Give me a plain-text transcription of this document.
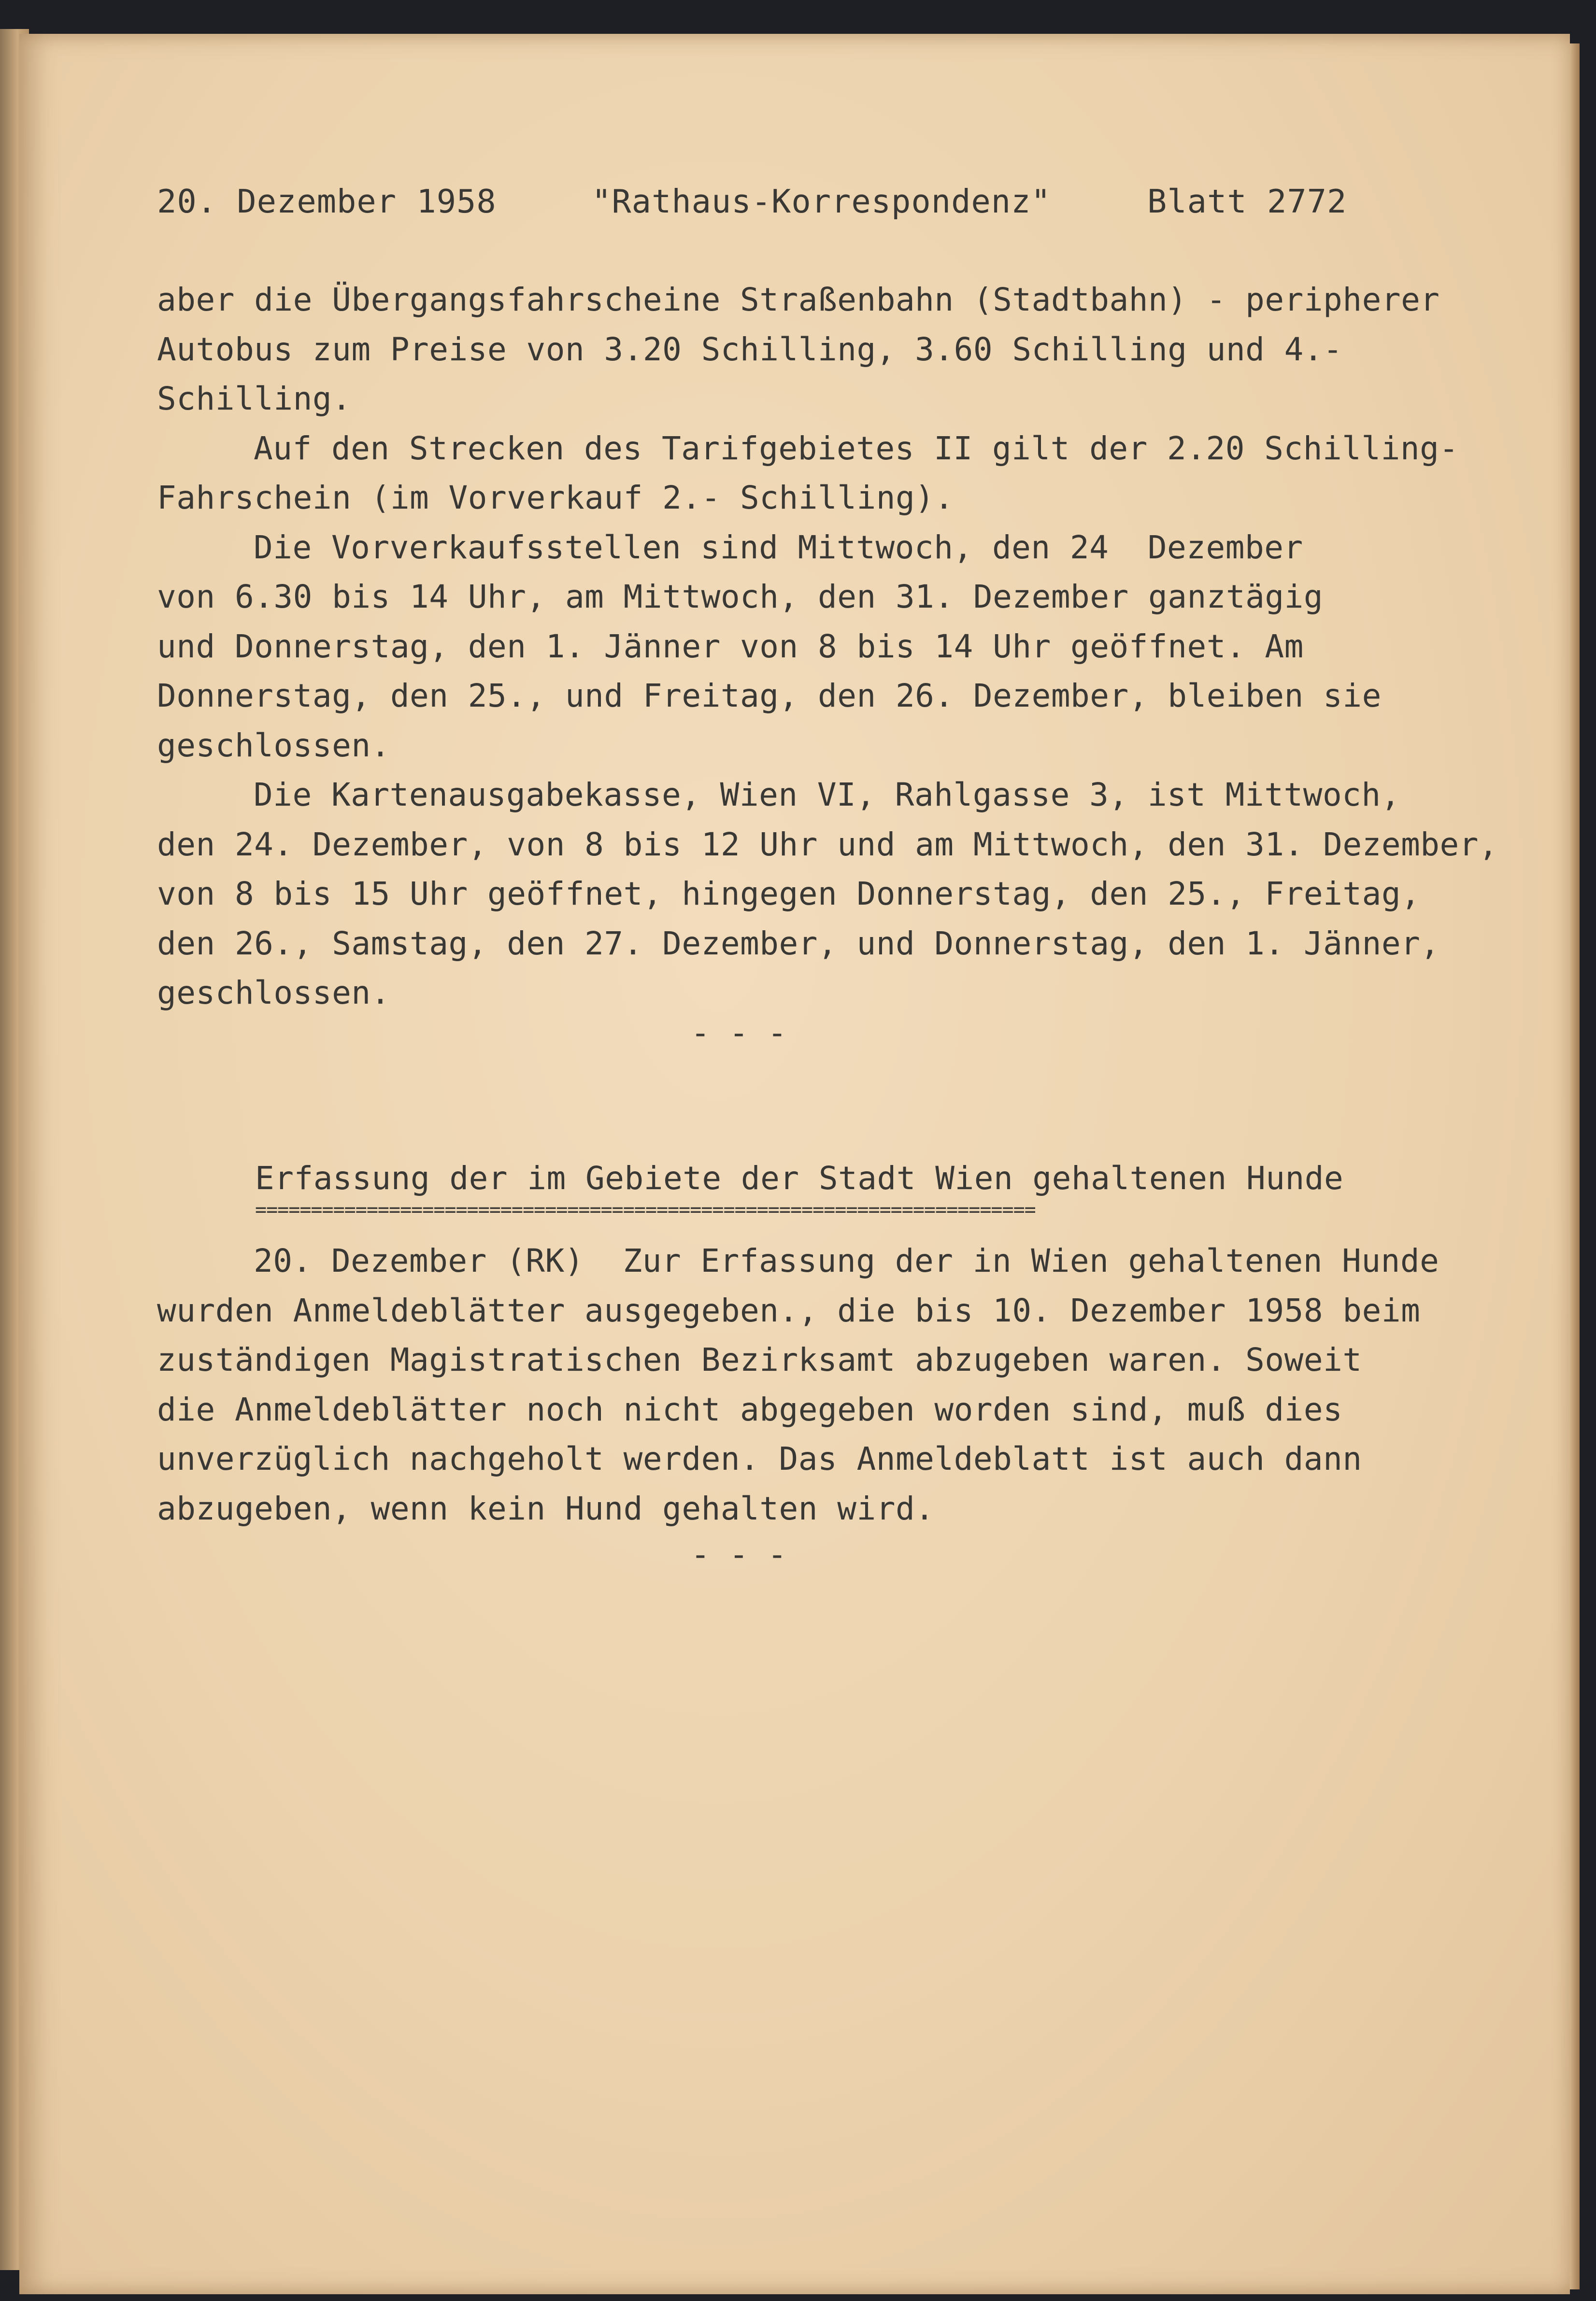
20. Dezember 1958	"Rathaus-Korrespondenz"	Blatt 2772
aber die Übergangsfahrscheine Straßenbahn (Stadtbahn) - peripherer
Autobus zum Preise von 3.20 Schilling, 3.60 Schilling und 4.-
Schilling.
Auf den Strecken des Tarifgebietes II gilt der 2.20 Schilling-
Fahrschein (im Vorverkauf 2.- Schilling).
Die Vorverkaufsstellen sind Mittwoch, den 24  Dezember
von 6.30 bis 14 Uhr, am Mittwoch, den 31. Dezember ganztägig
und Donnerstag, den 1. Jänner von 8 bis 14 Uhr geöffnet. Am
Donnerstag, den 25., und Freitag, den 26. Dezember, bleiben sie
geschlossen.
Die Kartenausgabekasse, Wien VI, Rahlgasse 3, ist Mittwoch,
den 24. Dezember, von 8 bis 12 Uhr und am Mittwoch, den 31. Dezember,
von 8 bis 15 Uhr geöffnet, hingegen Donnerstag, den 25., Freitag,
den 26., Samstag, den 27. Dezember, und Donnerstag, den 1. Jänner,
geschlossen.
- - -
Erfassung der im Gebiete der Stadt Wien gehaltenen Hunde
======================================================================
20. Dezember (RK)  Zur Erfassung der in Wien gehaltenen Hunde
wurden Anmeldeblätter ausgegeben., die bis 10. Dezember 1958 beim
zuständigen Magistratischen Bezirksamt abzugeben waren. Soweit
die Anmeldeblätter noch nicht abgegeben worden sind, muß dies
unverzüglich nachgeholt werden. Das Anmeldeblatt ist auch dann
abzugeben, wenn kein Hund gehalten wird.
- - -
